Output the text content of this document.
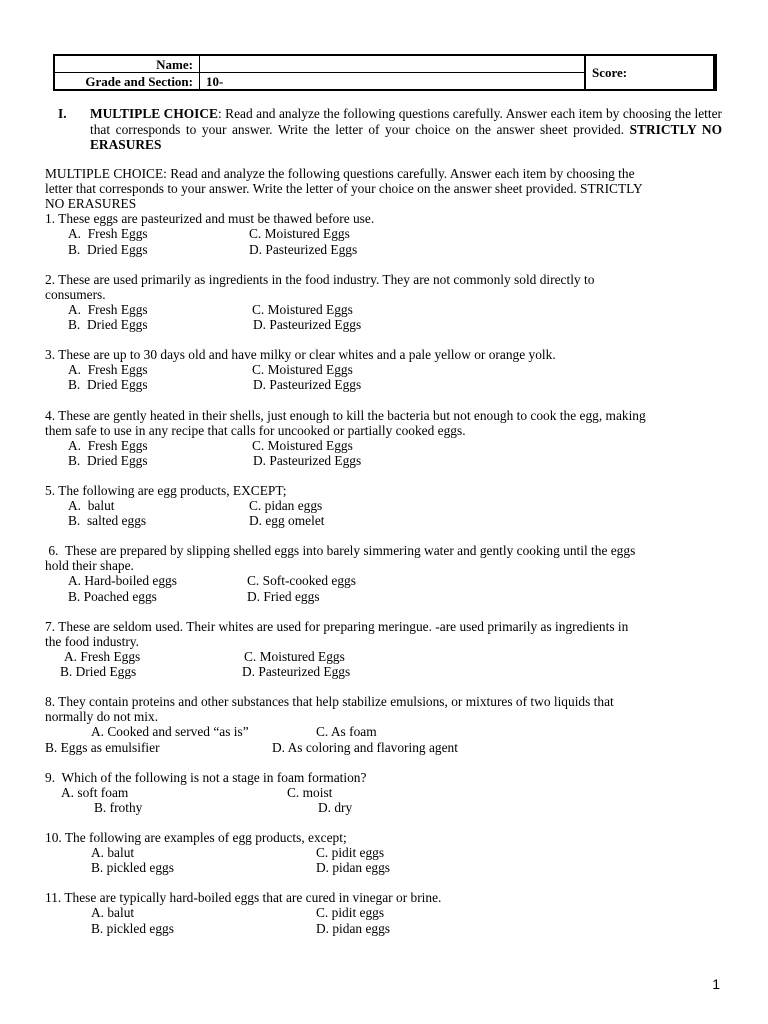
Name:
Grade and Section:	10-
Score:
I. MULTIPLE CHOICE: Read and analyze the following questions carefully. Answer each item by choosing the letter that corresponds to your answer. Write the letter of your choice on the answer sheet provided. STRICTLY NO ERASURES
MULTIPLE CHOICE: Read and analyze the following questions carefully. Answer each item by choosing the
letter that corresponds to your answer. Write the letter of your choice on the answer sheet provided. STRICTLY
NO ERASURES
1. These eggs are pasteurized and must be thawed before use.
A.  Fresh Eggs	C. Moistured Eggs
B.  Dried Eggs	D. Pasteurized Eggs
2. These are used primarily as ingredients in the food industry. They are not commonly sold directly to
consumers.
A.  Fresh Eggs	C. Moistured Eggs
B.  Dried Eggs	D. Pasteurized Eggs
3. These are up to 30 days old and have milky or clear whites and a pale yellow or orange yolk.
A.  Fresh Eggs	C. Moistured Eggs
B.  Dried Eggs	D. Pasteurized Eggs
4. These are gently heated in their shells, just enough to kill the bacteria but not enough to cook the egg, making
them safe to use in any recipe that calls for uncooked or partially cooked eggs.
A.  Fresh Eggs	C. Moistured Eggs
B.  Dried Eggs	D. Pasteurized Eggs
5. The following are egg products, EXCEPT;
A.  balut	C. pidan eggs
B.  salted eggs	D. egg omelet
6.  These are prepared by slipping shelled eggs into barely simmering water and gently cooking until the eggs
hold their shape.
A. Hard-boiled eggs	C. Soft-cooked eggs
B. Poached eggs	D. Fried eggs
7. These are seldom used. Their whites are used for preparing meringue. -are used primarily as ingredients in
the food industry.
A. Fresh Eggs	C. Moistured Eggs
B. Dried Eggs	D. Pasteurized Eggs
8. They contain proteins and other substances that help stabilize emulsions, or mixtures of two liquids that
normally do not mix.
A. Cooked and served “as is”	C. As foam
B. Eggs as emulsifier	D. As coloring and flavoring agent
9.  Which of the following is not a stage in foam formation?
A. soft foam	C. moist
B. frothy	D. dry
10. The following are examples of egg products, except;
A. balut	C. pidit eggs
B. pickled eggs	D. pidan eggs
11. These are typically hard-boiled eggs that are cured in vinegar or brine.
A. balut	C. pidit eggs
B. pickled eggs	D. pidan eggs
1
